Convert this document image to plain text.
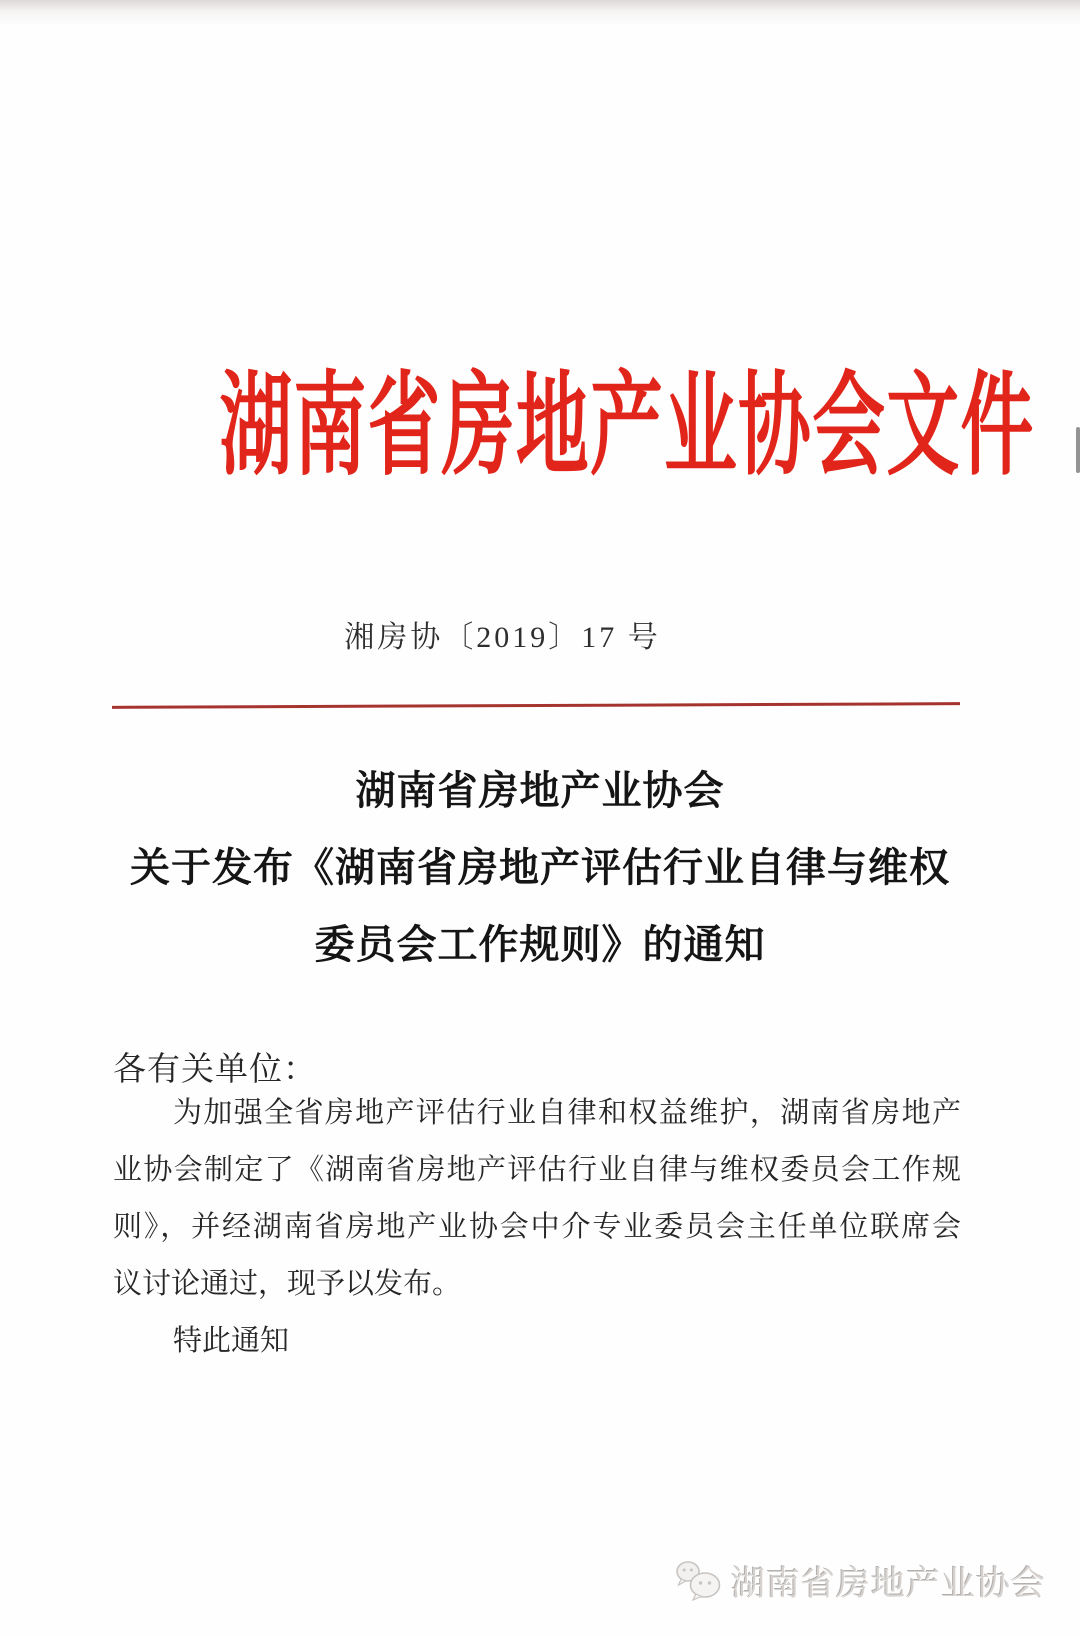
湖南省房地产业协会文件
湘房协〔2019〕17 号
湖南省房地产业协会
关于发布《湖南省房地产评估行业自律与维权
委员会工作规则》的通知
各有关单位：
为加强全省房地产评估行业自律和权益维护，湖南省房地产
业协会制定了《湖南省房地产评估行业自律与维权委员会工作规
则》，并经湖南省房地产业协会中介专业委员会主任单位联席会
议讨论通过，现予以发布。
特此通知
湖南省房地产业协会
